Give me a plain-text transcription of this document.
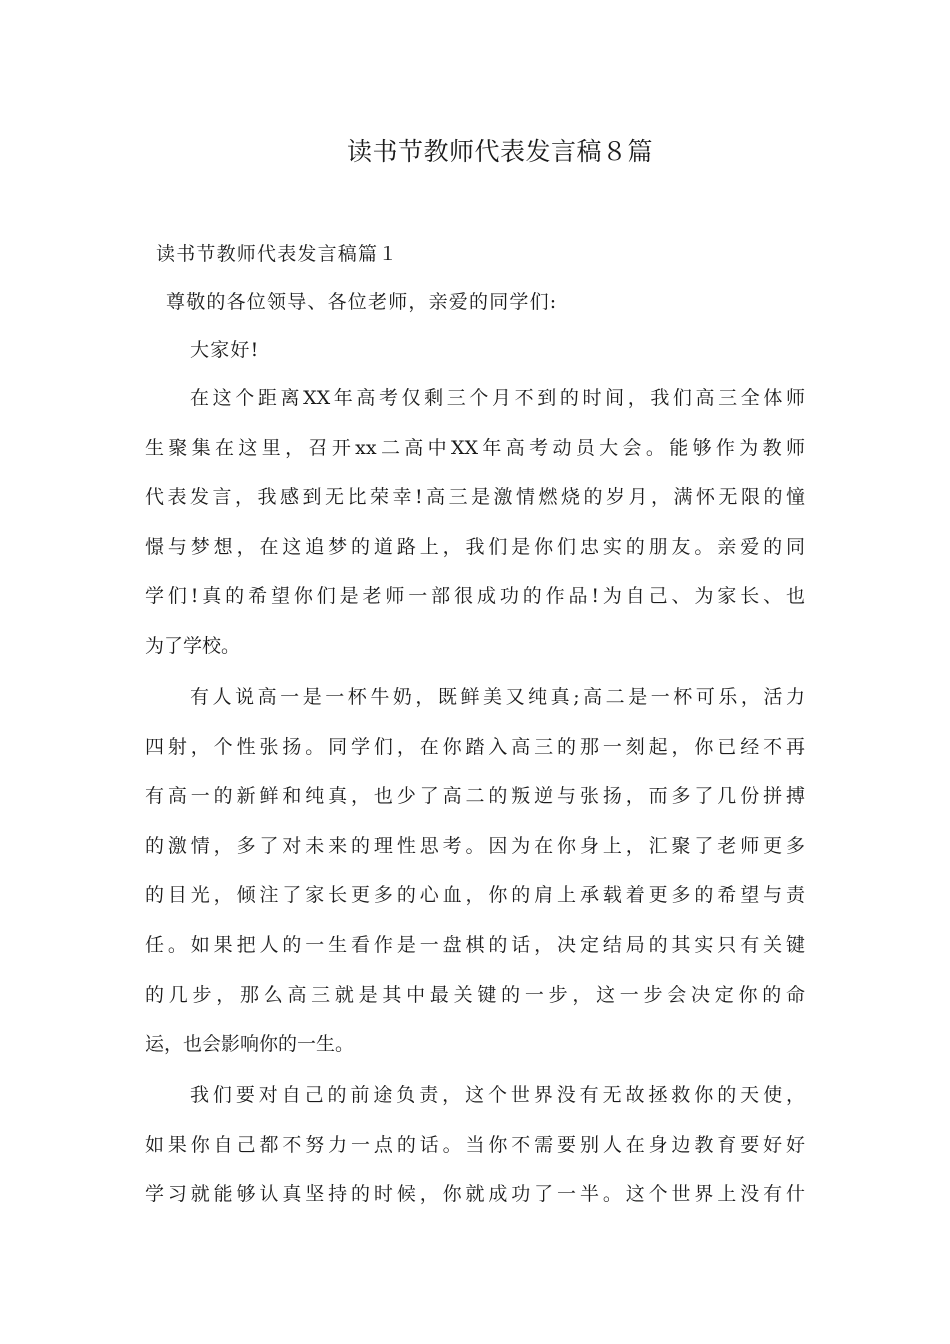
读书节教师代表发言稿８篇

读书节教师代表发言稿篇１

尊敬的各位领导、各位老师，亲爱的同学们:

大家好!

在这个距离XX年高考仅剩三个月不到的时间，我们高三全体师
生聚集在这里，召开xx二高中XX年高考动员大会。能够作为教师
代表发言，我感到无比荣幸!高三是激情燃烧的岁月，满怀无限的憧
憬与梦想，在这追梦的道路上，我们是你们忠实的朋友。亲爱的同
学们!真的希望你们是老师一部很成功的作品!为自己、为家长、也
为了学校。
有人说高一是一杯牛奶，既鲜美又纯真;高二是一杯可乐，活力
四射，个性张扬。同学们，在你踏入高三的那一刻起，你已经不再
有高一的新鲜和纯真，也少了高二的叛逆与张扬，而多了几份拼搏
的激情，多了对未来的理性思考。因为在你身上，汇聚了老师更多
的目光，倾注了家长更多的心血，你的肩上承载着更多的希望与责
任。如果把人的一生看作是一盘棋的话，决定结局的其实只有关键
的几步，那么高三就是其中最关键的一步，这一步会决定你的命
运，也会影响你的一生。
我们要对自己的前途负责，这个世界没有无故拯救你的天使，
如果你自己都不努力一点的话。当你不需要别人在身边教育要好好
学习就能够认真坚持的时候，你就成功了一半。这个世界上没有什
